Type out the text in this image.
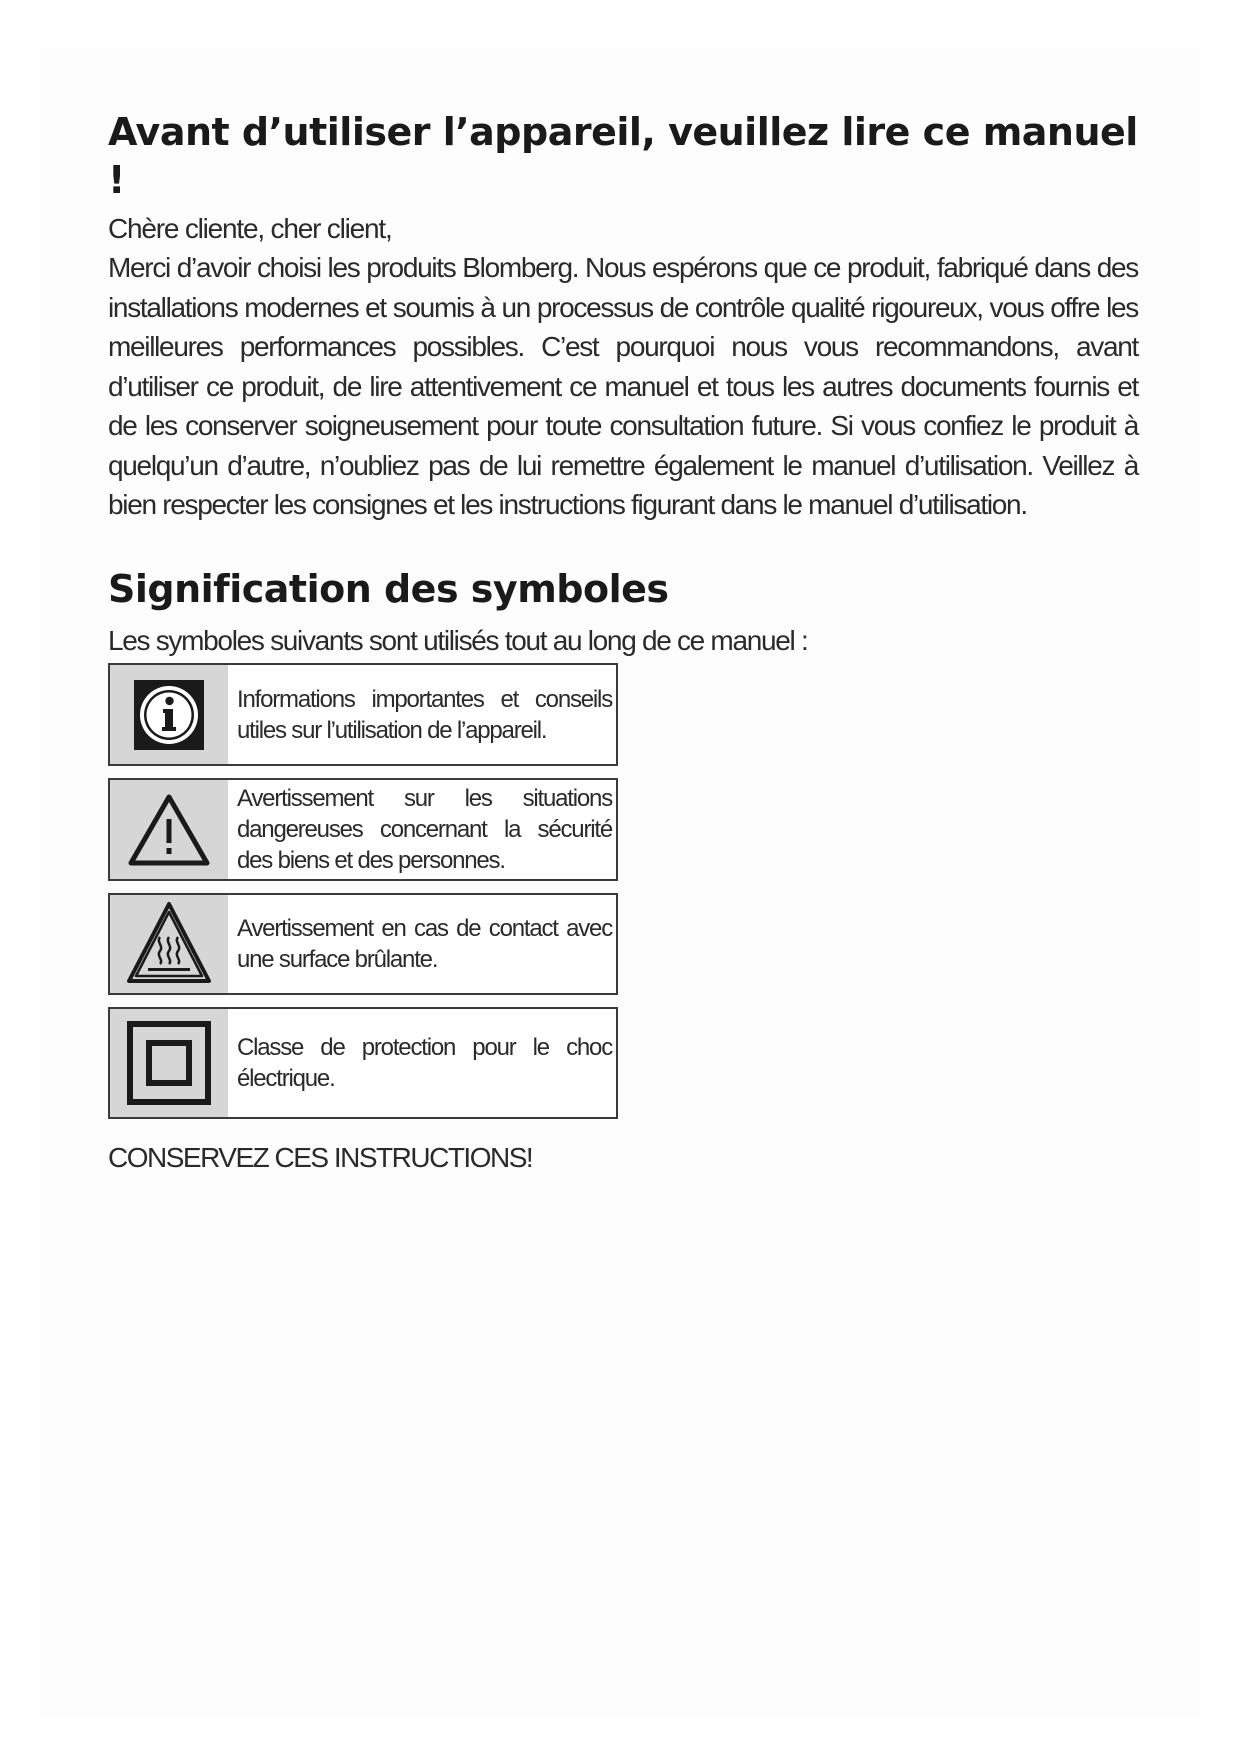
Avant d’utiliser l’appareil, veuillez lire ce manuel !

Chère cliente, cher client,

Merci d’avoir choisi les produits Blomberg. Nous espérons que ce produit, fabriqué dans des installations modernes et soumis à un processus de contrôle qualité rigoureux, vous offre les meilleures performances possibles. C’est pourquoi nous vous recommandons, avant d’utiliser ce produit, de lire attentivement ce manuel et tous les autres documents fournis et de les conserver soigneusement pour toute consultation future. Si vous confiez le produit à quelqu’un d’autre, n’oubliez pas de lui remettre également le manuel d’utilisation. Veillez à bien respecter les consignes et les instructions figurant dans le manuel d’utilisation.

Signification des symboles

Les symboles suivants sont utilisés tout au long de ce manuel :

Informations importantes et conseils utiles sur l’utilisation de l’appareil.
Avertissement sur les situations dangereuses concernant la sécurité des biens et des personnes.
Avertissement en cas de contact avec une surface brûlante.
Classe de protection pour le choc électrique.

CONSERVEZ CES INSTRUCTIONS!
